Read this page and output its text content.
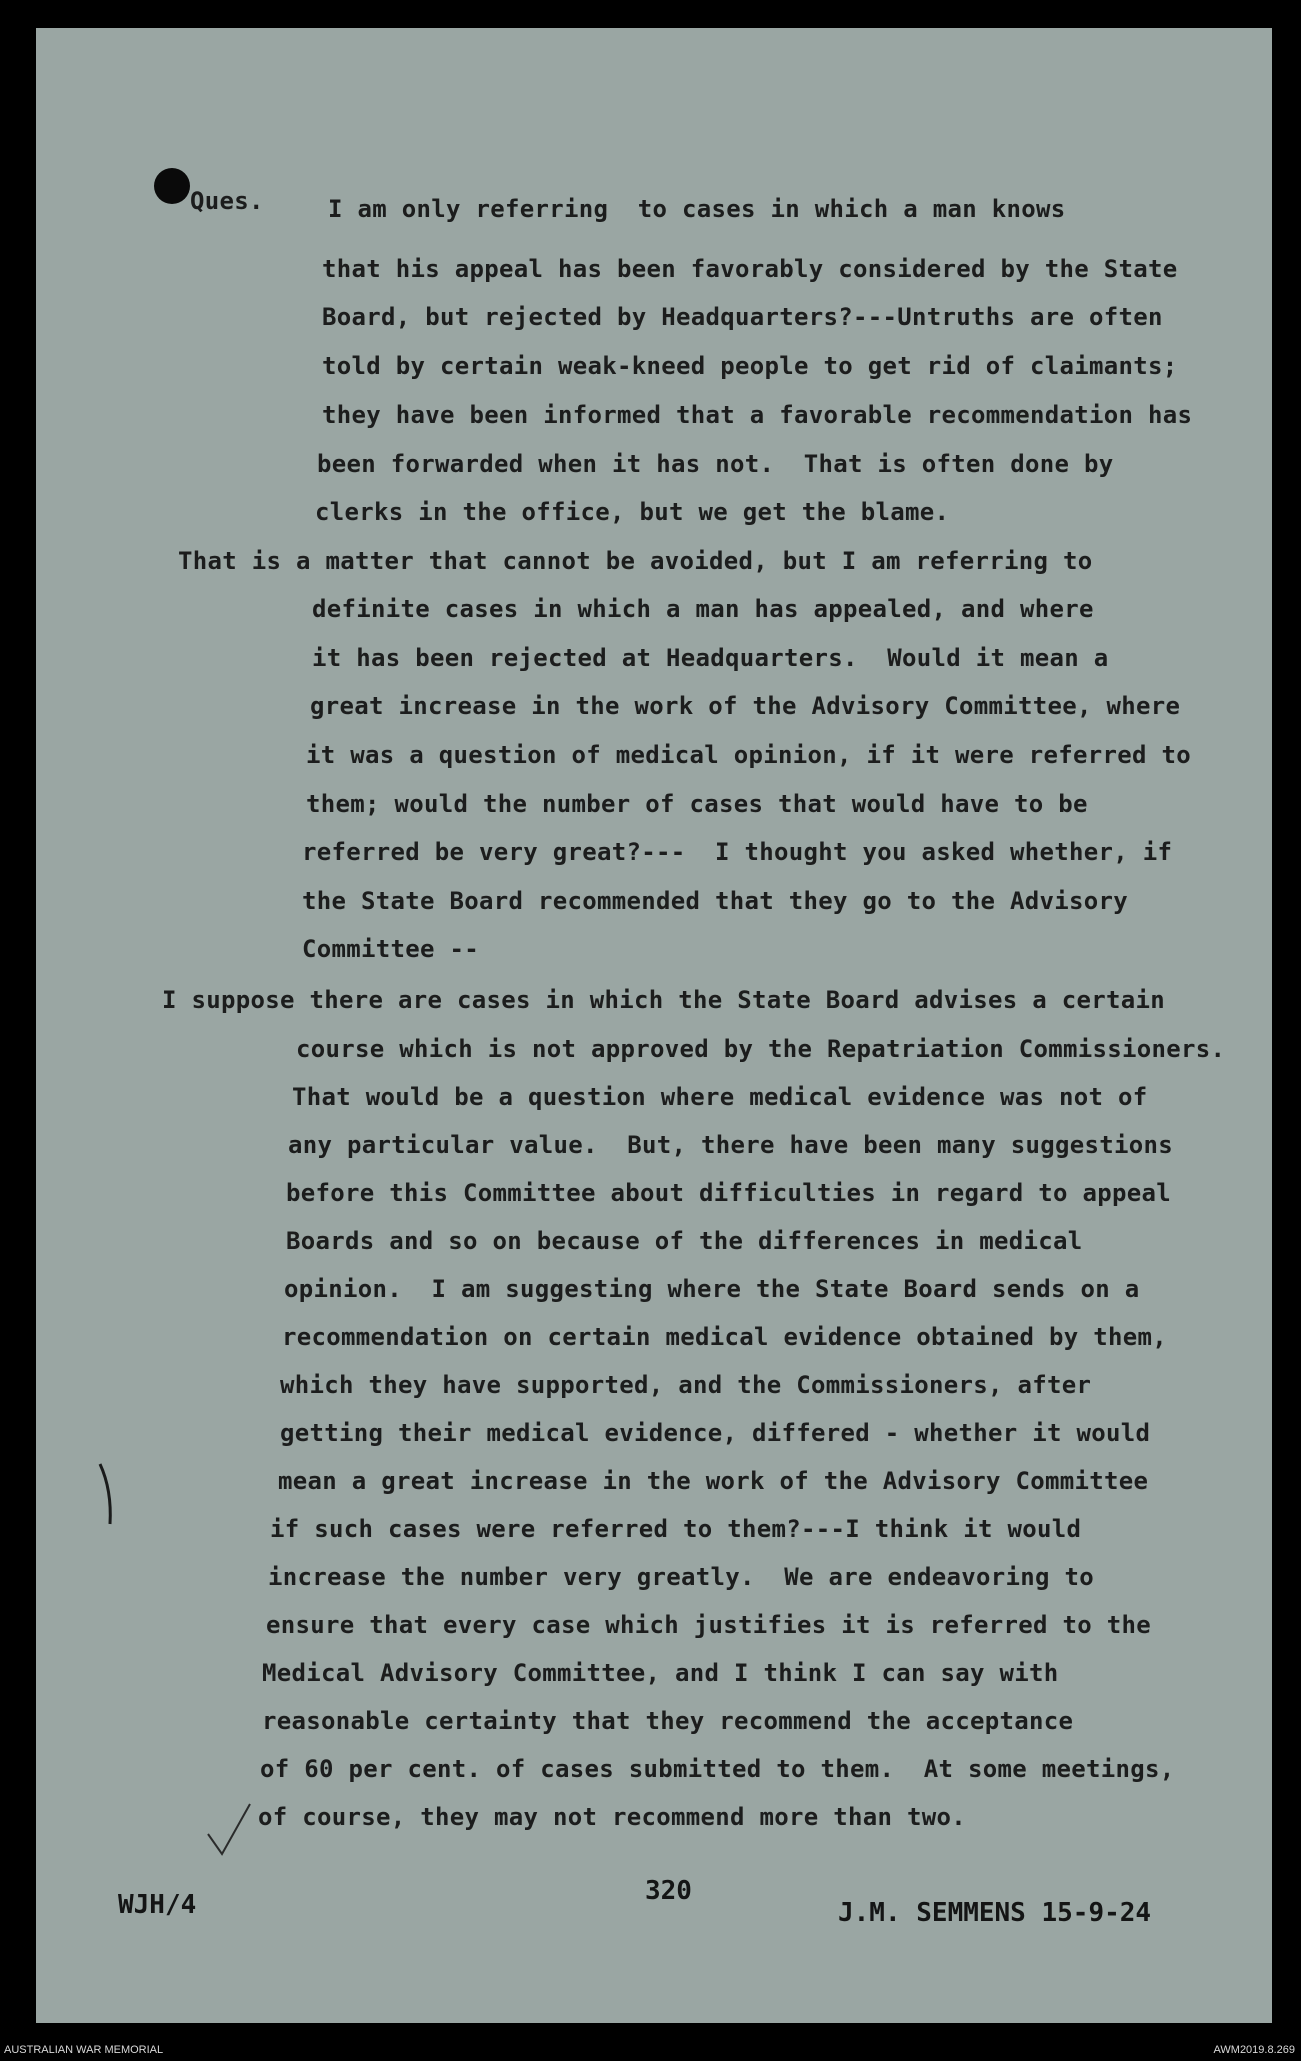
Ques.	I am only referring  to cases in which a man knows
that his appeal has been favorably considered by the State
Board, but rejected by Headquarters?---Untruths are often
told by certain weak-kneed people to get rid of claimants;
they have been informed that a favorable recommendation has
been forwarded when it has not.  That is often done by
clerks in the office, but we get the blame.
That is a matter that cannot be avoided, but I am referring to
definite cases in which a man has appealed, and where
it has been rejected at Headquarters.  Would it mean a
great increase in the work of the Advisory Committee, where
it was a question of medical opinion, if it were referred to
them; would the number of cases that would have to be
referred be very great?---  I thought you asked whether, if
the State Board recommended that they go to the Advisory
Committee --
I suppose there are cases in which the State Board advises a certain
course which is not approved by the Repatriation Commissioners.
That would be a question where medical evidence was not of
any particular value.  But, there have been many suggestions
before this Committee about difficulties in regard to appeal
Boards and so on because of the differences in medical
opinion.  I am suggesting where the State Board sends on a
recommendation on certain medical evidence obtained by them,
which they have supported, and the Commissioners, after
getting their medical evidence, differed - whether it would
mean a great increase in the work of the Advisory Committee
if such cases were referred to them?---I think it would
increase the number very greatly.  We are endeavoring to
ensure that every case which justifies it is referred to the
Medical Advisory Committee, and I think I can say with
reasonable certainty that they recommend the acceptance
of 60 per cent. of cases submitted to them.  At some meetings,
of course, they may not recommend more than two.
WJH/4	320
J.M. SEMMENS 15-9-24
AUSTRALIAN WAR MEMORIAL	AWM2019.8.269
